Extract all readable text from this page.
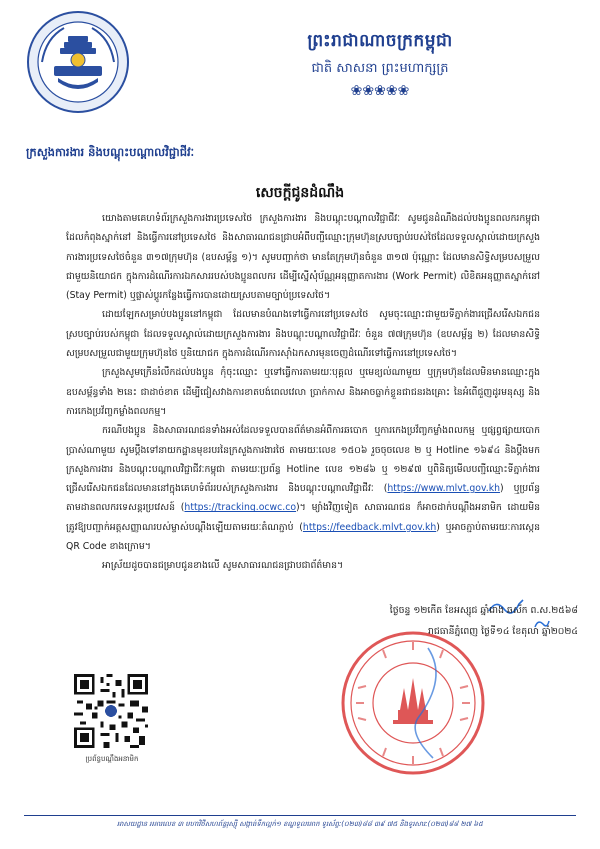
ព្រះរាជាណាចក្រកម្ពុជា
ជាតិ សាសនា ព្រះមហាក្សត្រ
❀❀❀❀❀
ក្រសួងការងារ និងបណ្តុះបណ្តាលវិជ្ជាជីវៈ
សេចក្តីជូនដំណឹង

យោងតាមគេហទំព័រក្រសួងការងារប្រទេសថៃ ក្រសួងការងារ និងបណ្តុះបណ្តាលវិជ្ជាជីវៈ សូមជូនដំណឹងដល់បងប្អូនពលករកម្ពុជាដែលកំពុងស្នាក់នៅ និងធ្វើការនៅប្រទេសថៃ និងសាធារណជនជ្រាបអំពីបញ្ជីឈ្មោះក្រុមហ៊ុនស្របច្បាប់របស់ថៃដែលទទួលស្គាល់ដោយក្រសួងការងារប្រទេសថៃចំនួន ៣១៧ក្រុមហ៊ុន (ឧបសម្ព័ន្ធ ១)។ សូមបញ្ជាក់ថា មានតែក្រុមហ៊ុនចំនួន ៣១៧ ប៉ុណ្ណោះ ដែលមានសិទ្ធិសម្របសម្រួលជាមួយនិយោជក ក្នុងការដំណើរការឯកសាររបស់បងប្អូនពលករ ដើម្បីស្នើសុំប័ណ្ណអនុញ្ញាតការងារ (Work Permit) លិខិតអនុញ្ញាតស្នាក់នៅ (Stay Permit) ឬផ្លាស់ប្តូរកន្លែងធ្វើការបានដោយស្របតាមច្បាប់ប្រទេសថៃ។

ដោយឡែកសម្រាប់បងប្អូននៅកម្ពុជា ដែលមានបំណងទៅធ្វើការនៅប្រទេសថៃ សូមចុះឈ្មោះជាមួយទីភ្នាក់ងារជ្រើសរើសឯកជនស្របច្បាប់របស់កម្ពុជា ដែលទទួលស្គាល់ដោយក្រសួងការងារ និងបណ្តុះបណ្តាលវិជ្ជាជីវៈ ចំនួន ៧៧ក្រុមហ៊ុន (ឧបសម្ព័ន្ធ ២) ដែលមានសិទ្ធិសម្របសម្រួលជាមួយក្រុមហ៊ុនថៃ ឬនិយោជក ក្នុងការដំណើរការស៊ាំឯកសារមុនចេញដំណើរទៅធ្វើការនៅប្រទេសថៃ។

ក្រសួងសូមក្រើនរំលឹកដល់បងប្អូន កុំចុះឈ្មោះ ឬទៅធ្វើការតាមរយៈបុគ្គល ឬមេខ្យល់ណាមួយ ឬក្រុមហ៊ុនដែលមិនមានឈ្មោះក្នុងឧបសម្ព័ន្ធទាំង ២នេះ ជាដាច់ខាត ដើម្បីជៀសវាងការខាតបង់ពេលវេលា ប្រាក់កាស និងអាចធ្លាក់ខ្លួនជាជនរងគ្រោះ នៃអំពើជួញដូរមនុស្ស និងការកេងប្រវ័ញ្ចកម្លាំងពលកម្ម។

ករណីបងប្អូន និងសាធារណជនទាំងអស់ដែលទទួលបានព័ត៌មានអំពីការឆបោក ឬការកេងប្រវ័ញ្ចកម្លាំងពលកម្ម ឬផ្សព្វផ្សាយបោកប្រាស់ណាមួយ សូមប្តឹងទៅនាយកដ្ឋានមុខរបរនៃក្រសួងការងារថៃ តាមរយៈលេខ ១៥០៦ រួចចុចលេខ ២ ឬ Hotline ១៦៩៤ និងប្តឹងមកក្រសួងការងារ និងបណ្តុះបណ្តាលវិជ្ជាជីវៈកម្ពុជា តាមរយៈប្រព័ន្ធ Hotline លេខ ១២៨៦ ឬ ១២៩៧ ឬពិនិត្យមើលបញ្ជីឈ្មោះទីភ្នាក់ងារជ្រើសរើសឯកជនដែលមាននៅក្នុងគេហទំព័ររបស់ក្រសួងការងារ និងបណ្តុះបណ្តាលវិជ្ជាជីវៈ (https://www.mlvt.gov.kh) ឬប្រព័ន្ធតាមដានពលករទេសន្តរប្រវេសន៍ (https://tracking.ocwc.co)។ ម្យ៉ាងវិញទៀត សាធារណជន ក៏អាចដាក់បណ្តឹងអនាមិក ដោយមិនត្រូវឱ្យបញ្ជាក់អត្តសញ្ញាណរបស់ម្ចាស់បណ្តឹងឡើយតាមរយៈតំណភ្ជាប់ (https://feedback.mlvt.gov.kh) ឬអាចភ្ជាប់តាមរយៈការស្កេន QR Code ខាងក្រោម។

អាស្រ័យដូចបានជម្រាបជូនខាងលើ សូមសាធារណជនជ្រាបជាព័ត៌មាន។

ថ្ងៃចន្ទ ១២កើត ខែអស្សុជ ឆ្នាំរោង ឆស័ក ព.ស.២៥៦៨
រាជធានីភ្នំពេញ ថ្ងៃទី១៤ ខែតុលា ឆ្នាំ២០២៤
ប្រព័ន្ធបណ្តឹងអនាមិក
អាសយដ្ឋាន អគារលេខ ៣ មហាវិថីសហព័ន្ធរុស្ស៊ី សង្កាត់ទឹកល្អក់១ ខណ្ឌទួលគោក ទូរស័ព្ទ:(០២៣)៨៨ ៣៩ ៧៥ និងទូរសារ:(០២៣)៨៨ ២៧ ៦៥
